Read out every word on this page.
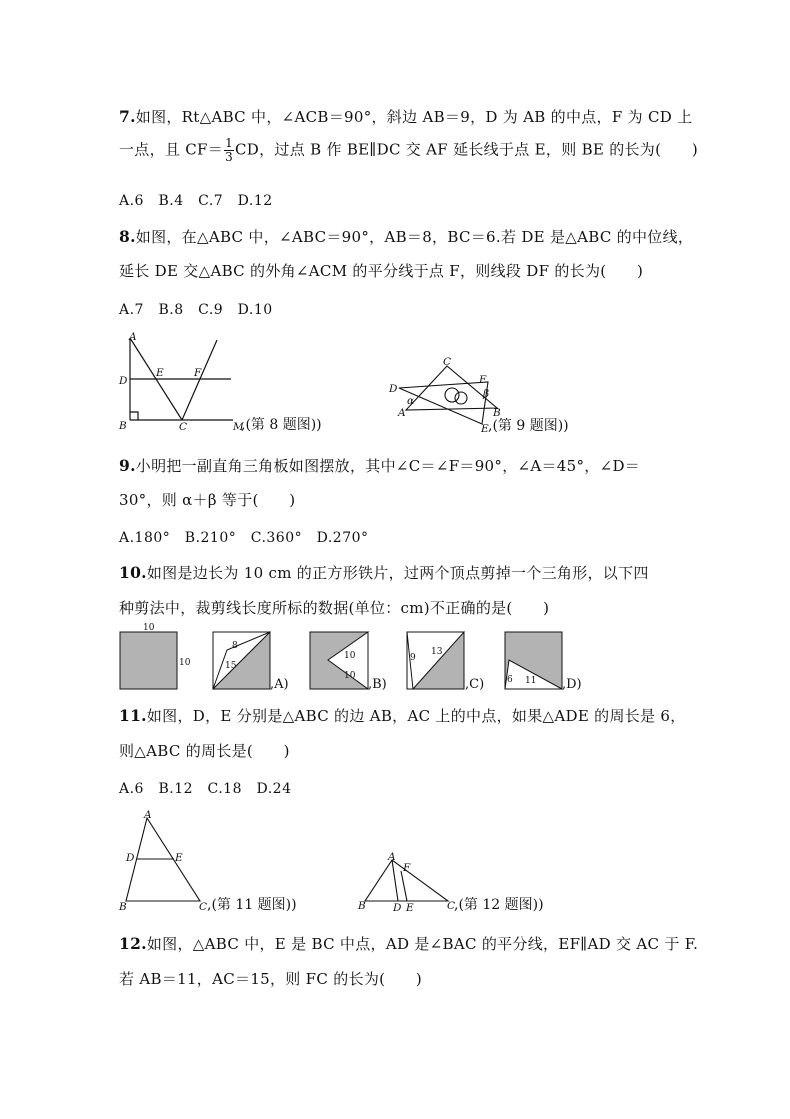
7.如图，Rt△ABC 中，∠ACB＝90°，斜边 AB＝9，D 为 AB 的中点，F 为 CD 上
一点，且 $CF= \frac{1}{3}$ CD，过点 B 作 BE∥DC 交 AF 延长线于点 E，则 BE 的长为(　　)
A.6　B.4　C.7　D.12
8.如图，在△ABC 中，∠ABC＝90°，AB＝8，BC＝6.若 DE 是△ABC 的中位线，
延长 DE 交△ABC 的外角∠ACM 的平分线于点 F，则线段 DF 的长为(　　)
A.7　B.8　C.9　D.10
A
D
E	F
B	C	M
,(第 8 题图))
C
D
F
β
α
A	B
E ,(第 9 题图))
9.小明把一副直角三角板如图摆放，其中∠C＝∠F＝90°，∠A＝45°，∠D＝
30°，则 α＋β 等于(　　)
A.180°　B.210°　C.360°　D.270°
10.如图是边长为 10 cm 的正方形铁片，过两个顶点剪掉一个三角形，以下四
种剪法中，裁剪线长度所标的数据(单位：cm)不正确的是(　　)
10
10
8
15
,A)
10
10
,B)
9
13
,C)	6 11 ,D)
11.如图，D，E 分别是△ABC 的边 AB，AC 上的中点，如果△ADE 的周长是 6，
则△ABC 的周长是(　　)
A.6　B.12　C.18　D.24
A
D	E
B	C ,(第 11 题图))
A
F
B	D E	C
,(第 12 题图))
12.如图，△ABC 中，E 是 BC 中点，AD 是∠BAC 的平分线，EF∥AD 交 AC 于 F.
若 AB＝11，AC＝15，则 FC 的长为(　　)
